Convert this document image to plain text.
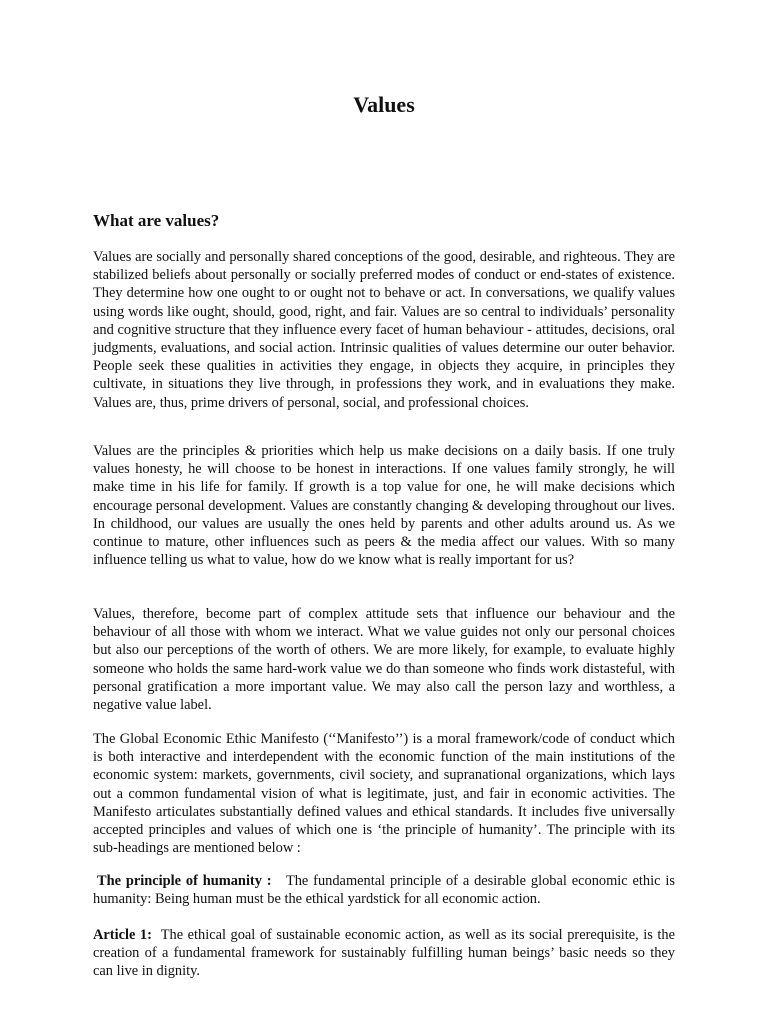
Values
What are values?

Values are socially and personally shared conceptions of the good, desirable, and righteous. They are stabilized beliefs about personally or socially preferred modes of conduct or end-states of existence. They determine how one ought to or ought not to behave or act. In conversations, we qualify values using words like ought, should, good, right, and fair. Values are so central to individuals’ personality and cognitive structure that they influence every facet of human behaviour - attitudes, decisions, oral judgments, evaluations, and social action. Intrinsic qualities of values determine our outer behavior. People seek these qualities in activities they engage, in objects they acquire, in principles they cultivate, in situations they live through, in professions they work, and in evaluations they make. Values are, thus, prime drivers of personal, social, and professional choices.

Values are the principles & priorities which help us make decisions on a daily basis. If one truly values honesty, he will choose to be honest in interactions. If one values family strongly, he will make time in his life for family. If growth is a top value for one, he will make decisions which encourage personal development. Values are constantly changing & developing throughout our lives. In childhood, our values are usually the ones held by parents and other adults around us. As we continue to mature, other influences such as peers & the media affect our values. With so many influence telling us what to value, how do we know what is really important for us?

Values, therefore, become part of complex attitude sets that influence our behaviour and the behaviour of all those with whom we interact. What we value guides not only our personal choices but also our perceptions of the worth of others. We are more likely, for example, to evaluate highly someone who holds the same hard-work value we do than someone who finds work distasteful, with personal gratification a more important value. We may also call the person lazy and worthless, a negative value label.

The Global Economic Ethic Manifesto (‘‘Manifesto’’) is a moral framework/code of conduct which is both interactive and interdependent with the economic function of the main institutions of the economic system: markets, governments, civil society, and supranational organizations, which lays out a common fundamental vision of what is legitimate, just, and fair in economic activities. The Manifesto articulates substantially defined values and ethical standards. It includes five universally accepted principles and values of which one is ‘the principle of humanity’. The principle with its sub-headings are mentioned below :

The principle of humanity : The fundamental principle of a desirable global economic ethic is humanity: Being human must be the ethical yardstick for all economic action.

Article 1: The ethical goal of sustainable economic action, as well as its social prerequisite, is the creation of a fundamental framework for sustainably fulfilling human beings’ basic needs so they can live in dignity.
